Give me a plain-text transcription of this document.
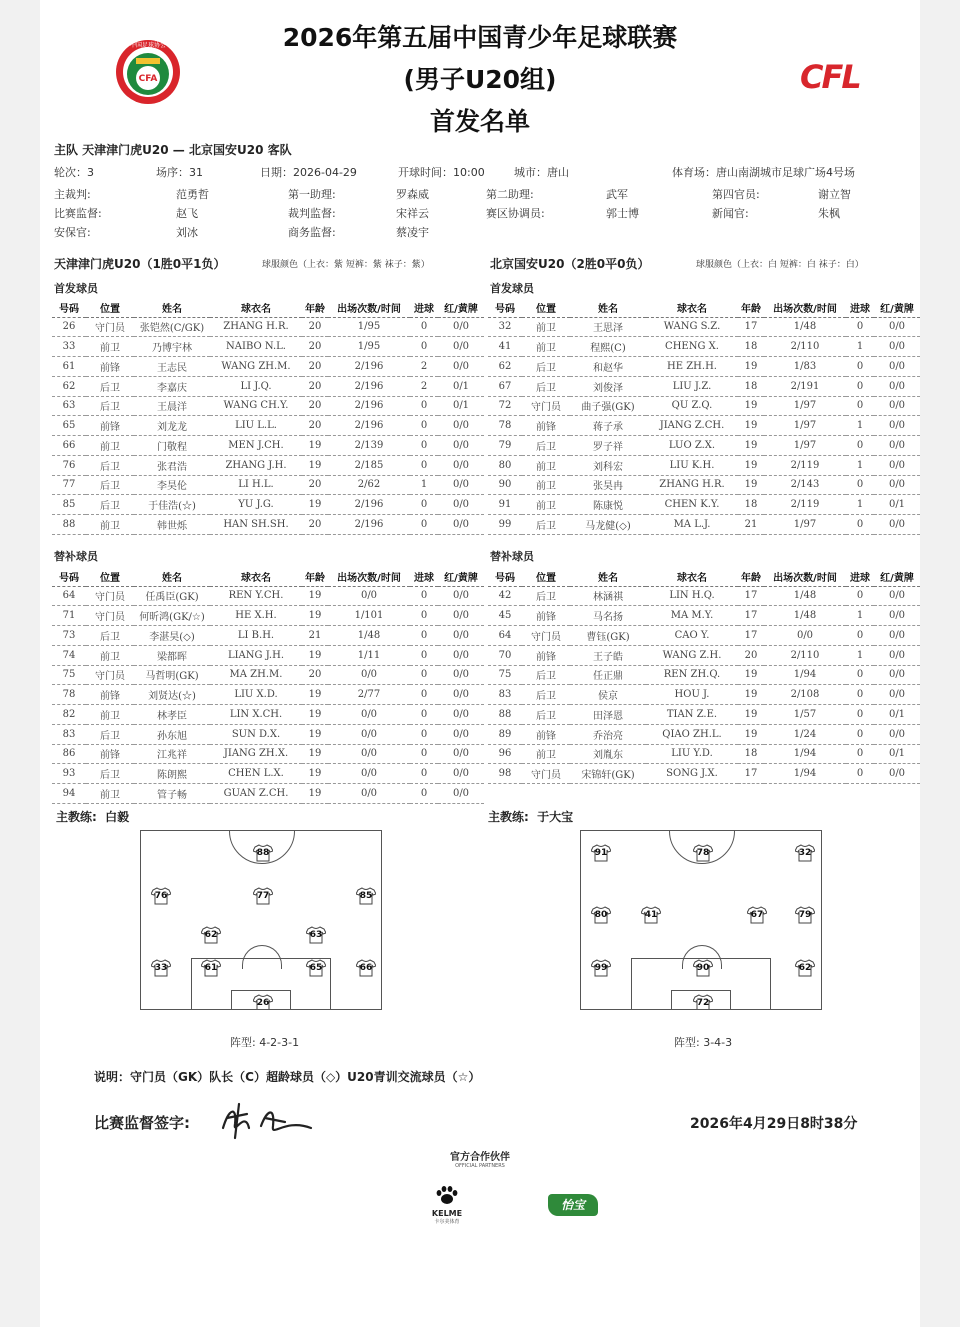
CFA
中国足球协会
CFL
2026年第五届中国青少年足球联赛
(男子U20组)
首发名单
主队 天津津门虎U20 — 北京国安U20 客队
轮次：3	场序：31	日期：2026-04-29	开球时间：10:00	城市：唐山	体育场：唐山南湖城市足球广场4号场
主裁判:	范勇哲	第一助理:	罗森威	第二助理:	武军	第四官员:	谢立智
比赛监督:	赵飞	裁判监督:	宋祥云	赛区协调员:	郭士博	新闻官:	朱枫
安保官:	刘冰	商务监督:	蔡凌宇
天津津门虎U20（1胜0平1负）	球服颜色（上衣：紫 短裤：紫 袜子：紫）	北京国安U20（2胜0平0负）	球服颜色（上衣：白 短裤：白 袜子：白）
首发球员	首发球员
号码	位置	姓名	球衣名	年龄	出场次数/时间	进球	红/黄牌
26	守门员	张铠然(C/GK)	ZHANG H.R.	20	1/95	0	0/0
33	前卫	乃博宇林	NAIBO N.L.	20	1/95	0	0/0
61	前锋	王志民	WANG ZH.M.	20	2/196	2	0/0
62	后卫	李嘉庆	LI J.Q.	20	2/196	2	0/1
63	后卫	王晨洋	WANG CH.Y.	20	2/196	0	0/1
65	前锋	刘龙龙	LIU L.L.	20	2/196	0	0/0
66	前卫	门敬程	MEN J.CH.	19	2/139	0	0/0
76	后卫	张君浩	ZHANG J.H.	19	2/185	0	0/0
77	后卫	李昊伦	LI H.L.	20	2/62	1	0/0
85	后卫	于佳浩(☆)	YU J.G.	19	2/196	0	0/0
88	前卫	韩世烁	HAN SH.SH.	20	2/196	0	0/0
号码	位置	姓名	球衣名	年龄	出场次数/时间	进球	红/黄牌
32	前卫	王思泽	WANG S.Z.	17	1/48	0	0/0
41	前卫	程熙(C)	CHENG X.	18	2/110	1	0/0
62	后卫	和赵华	HE ZH.H.	19	1/83	0	0/0
67	后卫	刘俊泽	LIU J.Z.	18	2/191	0	0/0
72	守门员	曲子强(GK)	QU Z.Q.	19	1/97	0	0/0
78	前锋	蒋子承	JIANG Z.CH.	19	1/97	1	0/0
79	后卫	罗子祥	LUO Z.X.	19	1/97	0	0/0
80	前卫	刘科宏	LIU K.H.	19	2/119	1	0/0
90	前卫	张昊冉	ZHANG H.R.	19	2/143	0	0/0
91	前卫	陈康悦	CHEN K.Y.	18	2/119	1	0/1
99	后卫	马龙健(◇)	MA L.J.	21	1/97	0	0/0
替补球员	替补球员
号码	位置	姓名	球衣名	年龄	出场次数/时间	进球	红/黄牌
64	守门员	任禹臣(GK)	REN Y.CH.	19	0/0	0	0/0
71	守门员	何昕鸿(GK/☆)	HE X.H.	19	1/101	0	0/0
73	后卫	李湛昊(◇)	LI B.H.	21	1/48	0	0/0
74	前卫	梁都晖	LIANG J.H.	19	1/11	0	0/0
75	守门员	马哲明(GK)	MA ZH.M.	20	0/0	0	0/0
78	前锋	刘贤达(☆)	LIU X.D.	19	2/77	0	0/0
82	前卫	林孝臣	LIN X.CH.	19	0/0	0	0/0
83	后卫	孙东旭	SUN D.X.	19	0/0	0	0/0
86	前锋	江兆祥	JIANG ZH.X.	19	0/0	0	0/0
93	后卫	陈朗熙	CHEN L.X.	19	0/0	0	0/0
94	前卫	管子畅	GUAN Z.CH.	19	0/0	0	0/0
号码	位置	姓名	球衣名	年龄	出场次数/时间	进球	红/黄牌
42	后卫	林涵祺	LIN H.Q.	17	1/48	0	0/0
45	前锋	马名扬	MA M.Y.	17	1/48	1	0/0
64	守门员	曹钰(GK)	CAO Y.	17	0/0	0	0/0
70	前锋	王子皓	WANG Z.H.	20	2/110	1	0/0
75	后卫	任正鼎	REN ZH.Q.	19	1/94	0	0/0
83	后卫	侯京	HOU J.	19	2/108	0	0/0
88	后卫	田泽恩	TIAN Z.E.	19	1/57	0	0/1
89	前锋	乔治亮	QIAO ZH.L.	19	1/24	0	0/0
96	前卫	刘胤东	LIU Y.D.	18	1/94	0	0/1
98	守门员	宋锦轩(GK)	SONG J.X.	17	1/94	0	0/0
主教练: 白毅	主教练: 于大宝
88
76	77	85
62	63
33	61	65	66
26
91	78	32
80	41	67	79
99	90	62
72
阵型: 4-2-3-1	阵型: 3-4-3
说明：守门员（GK）队长（C）超龄球员（◇）U20青训交流球员（☆）
比赛监督签字:	2026年4月29日8时38分
官方合作伙伴
OFFICIAL PARTNERS
KELME
卡尔美体育
怡宝
